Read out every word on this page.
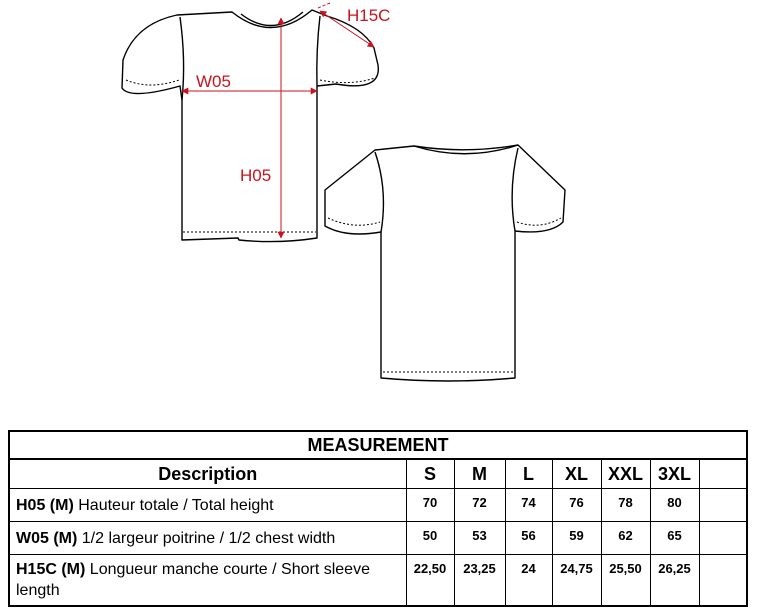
H15C
W05
H05
MEASUREMENT							
Description	S	M	L	XL	XXL	3XL	
H05 (M) Hauteur totale / Total height	70	72	74	76	78	80	
W05 (M) 1/2 largeur poitrine / 1/2 chest width	50	53	56	59	62	65	
H15C (M) Longueur manche courte / Short sleeve length	22,50	23,25	24	24,75	25,50	26,25	
